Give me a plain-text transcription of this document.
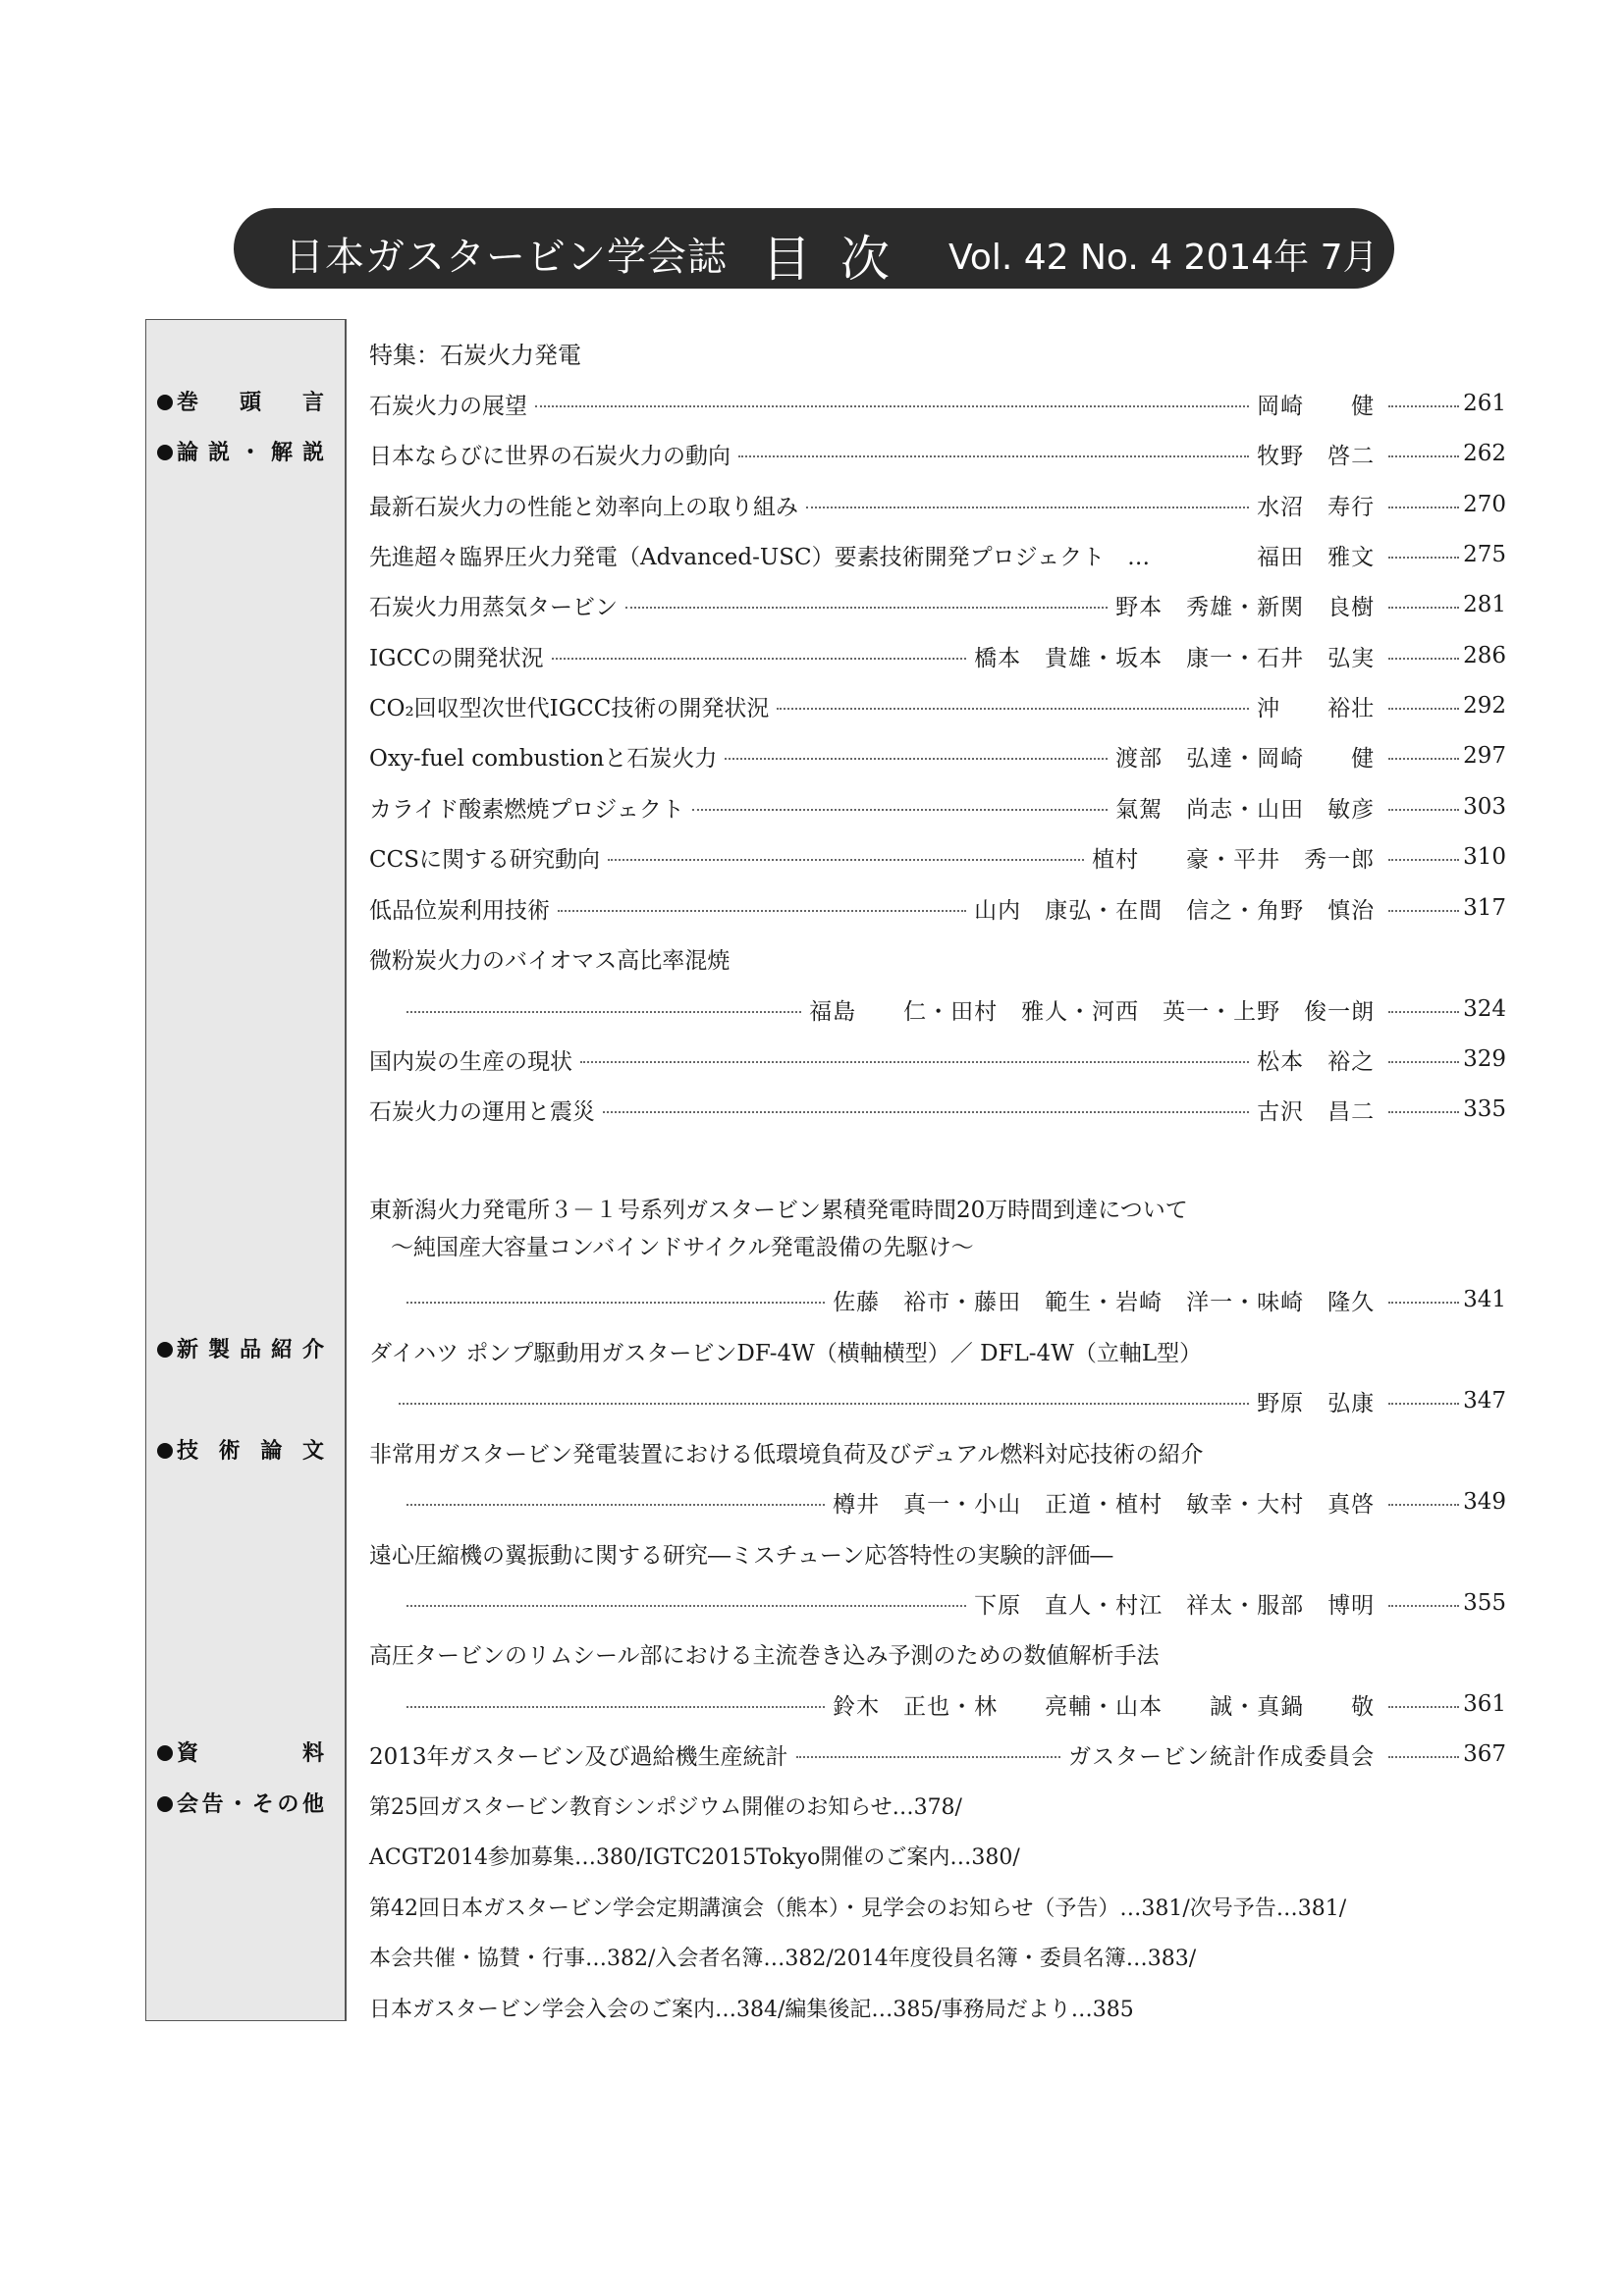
日本ガスタービン学会誌 目次 Vol. 42 No. 4 2014年 7月
巻頭言
論説・解説
新製品紹介
技術論文
資料
会告・その他
特集：石炭火力発電
石炭火力の展望	岡崎　　健	261
日本ならびに世界の石炭火力の動向	牧野　啓二	262
最新石炭火力の性能と効率向上の取り組み	水沼　寿行	270
先進超々臨界圧火力発電（Advanced-USC）要素技術開発プロジェクト　…	福田　雅文	275
石炭火力用蒸気タービン	野本　秀雄・新関　良樹	281
IGCCの開発状況	橋本　貴雄・坂本　康一・石井　弘実	286
CO₂回収型次世代IGCC技術の開発状況	沖　　裕壮	292
Oxy-fuel combustionと石炭火力	渡部　弘達・岡崎　　健	297
カライド酸素燃焼プロジェクト	氣駕　尚志・山田　敏彦	303
CCSに関する研究動向	植村　　豪・平井　秀一郎	310
低品位炭利用技術	山内　康弘・在間　信之・角野　慎治	317
微粉炭火力のバイオマス高比率混焼
福島　　仁・田村　雅人・河西　英一・上野　俊一朗	324
国内炭の生産の現状	松本　裕之	329
石炭火力の運用と震災	古沢　昌二	335
東新潟火力発電所３－１号系列ガスタービン累積発電時間20万時間到達について
～純国産大容量コンバインドサイクル発電設備の先駆け～
佐藤　裕市・藤田　範生・岩崎　洋一・味崎　隆久	341
ダイハツ ポンプ駆動用ガスタービンDF-4W（横軸横型）／ DFL-4W（立軸L型）
野原　弘康	347
非常用ガスタービン発電装置における低環境負荷及びデュアル燃料対応技術の紹介
樽井　真一・小山　正道・植村　敏幸・大村　真啓	349
遠心圧縮機の翼振動に関する研究―ミスチューン応答特性の実験的評価―
下原　直人・村江　祥太・服部　博明	355
高圧タービンのリムシール部における主流巻き込み予測のための数値解析手法
鈴木　正也・林　　亮輔・山本　　誠・真鍋　　敬	361
2013年ガスタービン及び過給機生産統計	ガスタービン統計作成委員会	367
第25回ガスタービン教育シンポジウム開催のお知らせ…378/
ACGT2014参加募集…380/IGTC2015Tokyo開催のご案内…380/
第42回日本ガスタービン学会定期講演会（熊本）・見学会のお知らせ（予告）…381/次号予告…381/
本会共催・協賛・行事…382/入会者名簿…382/2014年度役員名簿・委員名簿…383/
日本ガスタービン学会入会のご案内…384/編集後記…385/事務局だより…385
